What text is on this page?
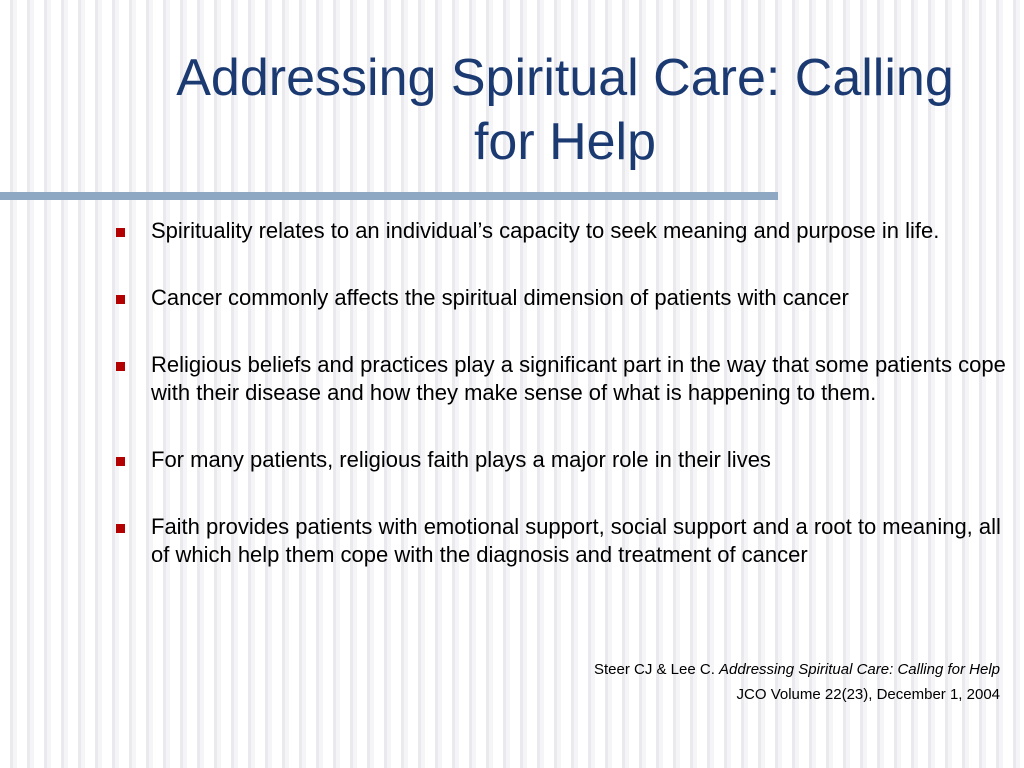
Addressing Spiritual Care: Calling
for Help
Spirituality relates to an individual’s capacity to seek meaning and purpose in life.
Cancer commonly affects the spiritual dimension of patients with cancer
Religious beliefs and practices play a significant part in the way that some patients cope with their disease and how they make sense of what is happening to them.
For many patients, religious faith plays a major role in their lives
Faith provides patients with emotional support, social support and a root to meaning, all of which help them cope with the diagnosis and treatment of cancer
Steer CJ & Lee C. Addressing Spiritual Care: Calling for Help
JCO Volume 22(23), December 1, 2004
